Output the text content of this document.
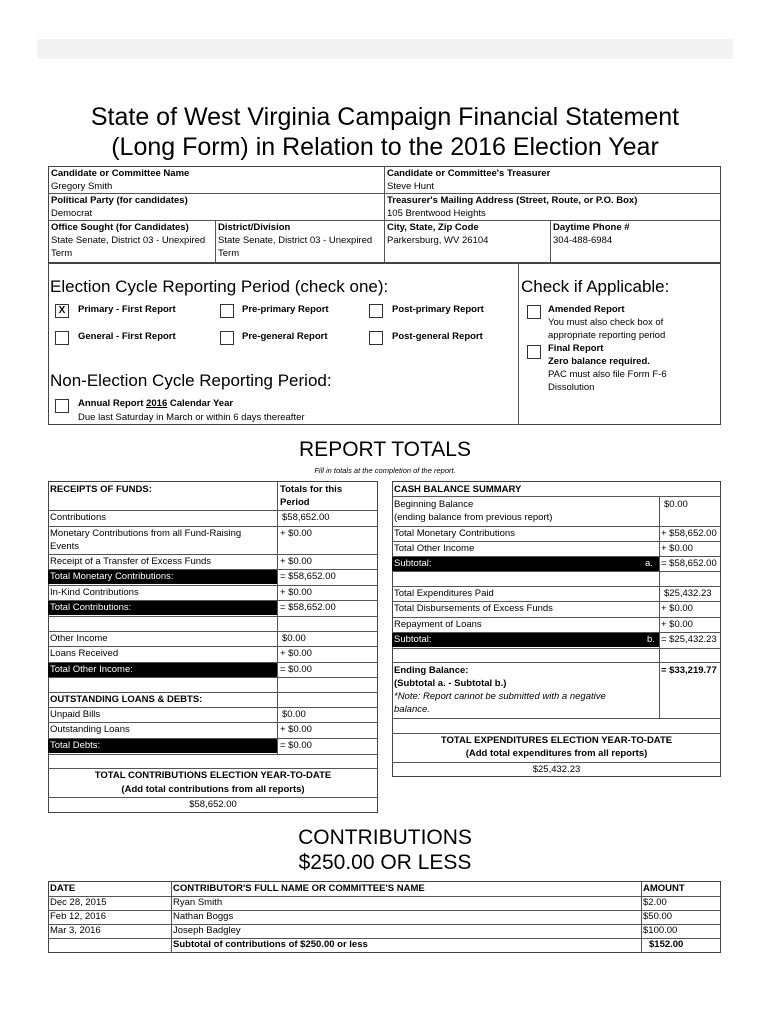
State of West Virginia Campaign Financial Statement
(Long Form) in Relation to the 2016 Election Year
Candidate or Committee Name
Gregory Smith
Candidate or Committee's Treasurer
Steve Hunt
Political Party (for candidates)
Democrat
Treasurer's Mailing Address (Street, Route, or P.O. Box)
105 Brentwood Heights
Office Sought (for Candidates)
State Senate, District 03 - Unexpired
Term
District/Division
State Senate, District 03 - Unexpired
Term
City, State, Zip Code
Parkersburg, WV 26104
Daytime Phone #
304-488-6984
Election Cycle Reporting Period (check one):
X	Primary - First Report	Pre-primary Report	Post-primary Report
General - First Report	Pre-general Report	Post-general Report
Non-Election Cycle Reporting Period:
Annual Report 2016 Calendar Year
Due last Saturday in March or within 6 days thereafter
Check if Applicable:
Amended Report
You must also check box of
appropriate reporting period
Final Report
Zero balance required.
PAC must also file Form F-6
Dissolution
REPORT TOTALS
Fill in totals at the completion of the report.
RECEIPTS OF FUNDS:	Totals for this
Period
Contributions	$58,652.00
Monetary Contributions from all Fund-Raising
Events
+ $0.00
Receipt of a Transfer of Excess Funds	+ $0.00
Total Monetary Contributions:	= $58,652.00
In-Kind Contributions	+ $0.00
Total Contributions:	= $58,652.00
Other Income	$0.00
Loans Received	+ $0.00
Total Other Income:	= $0.00
OUTSTANDING LOANS & DEBTS:
Unpaid Bills	$0.00
Outstanding Loans	+ $0.00
Total Debts:	= $0.00
TOTAL CONTRIBUTIONS ELECTION YEAR-TO-DATE
(Add total contributions from all reports)
$58,652.00
CASH BALANCE SUMMARY
Beginning Balance
(ending balance from previous report)
$0.00
Total Monetary Contributions	+ $58,652.00
Total Other Income	+ $0.00
Subtotal:	a. = $58,652.00
Total Expenditures Paid	$25,432.23
Total Disbursements of Excess Funds	+ $0.00
Repayment of Loans	+ $0.00
Subtotal:	b. = $25,432.23
Ending Balance:
(Subtotal a. - Subtotal b.)
*Note: Report cannot be submitted with a negative
balance.
= $33,219.77
TOTAL EXPENDITURES ELECTION YEAR-TO-DATE
(Add total expenditures from all reports)
$25,432.23
CONTRIBUTIONS
$250.00 OR LESS
DATE	CONTRIBUTOR'S FULL NAME OR COMMITTEE'S NAME	AMOUNT
Dec 28, 2015	Ryan Smith	$2.00
Feb 12, 2016	Nathan Boggs	$50.00
Mar 3, 2016	Joseph Badgley	$100.00
Subtotal of contributions of $250.00 or less	$152.00
